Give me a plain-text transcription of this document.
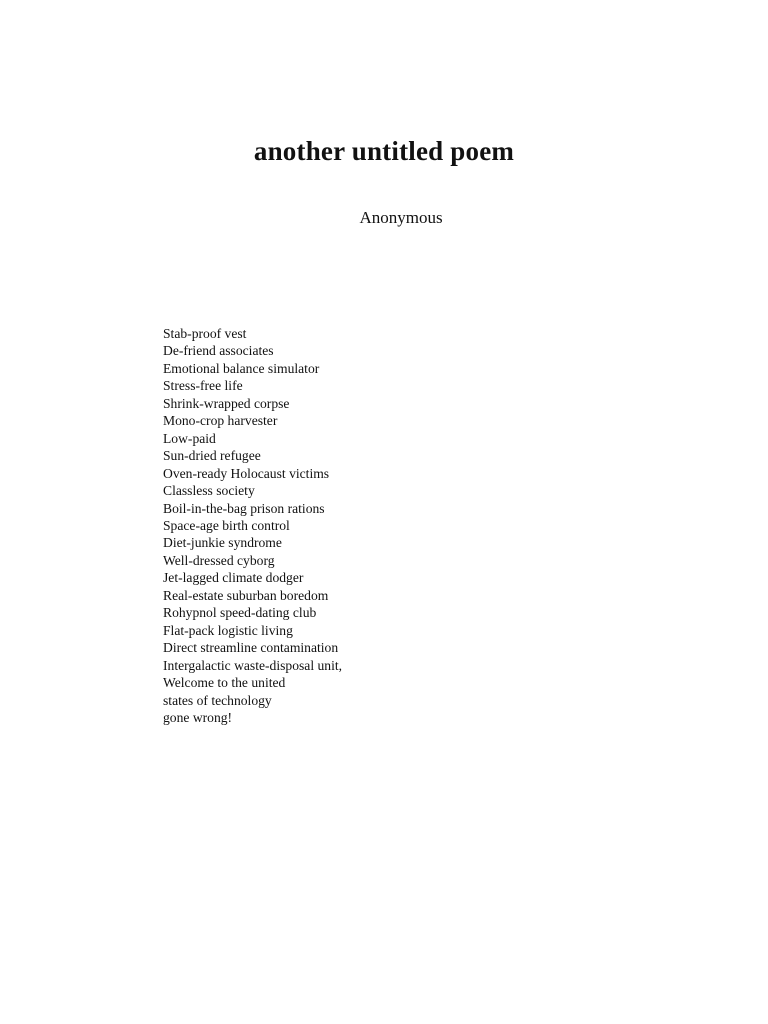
another untitled poem
Anonymous
Stab-proof vest
De-friend associates
Emotional balance simulator
Stress-free life
Shrink-wrapped corpse
Mono-crop harvester
Low-paid
Sun-dried refugee
Oven-ready Holocaust victims
Classless society
Boil-in-the-bag prison rations
Space-age birth control
Diet-junkie syndrome
Well-dressed cyborg
Jet-lagged climate dodger
Real-estate suburban boredom
Rohypnol speed-dating club
Flat-pack logistic living
Direct streamline contamination
Intergalactic waste-disposal unit,
Welcome to the united
states of technology
gone wrong!
